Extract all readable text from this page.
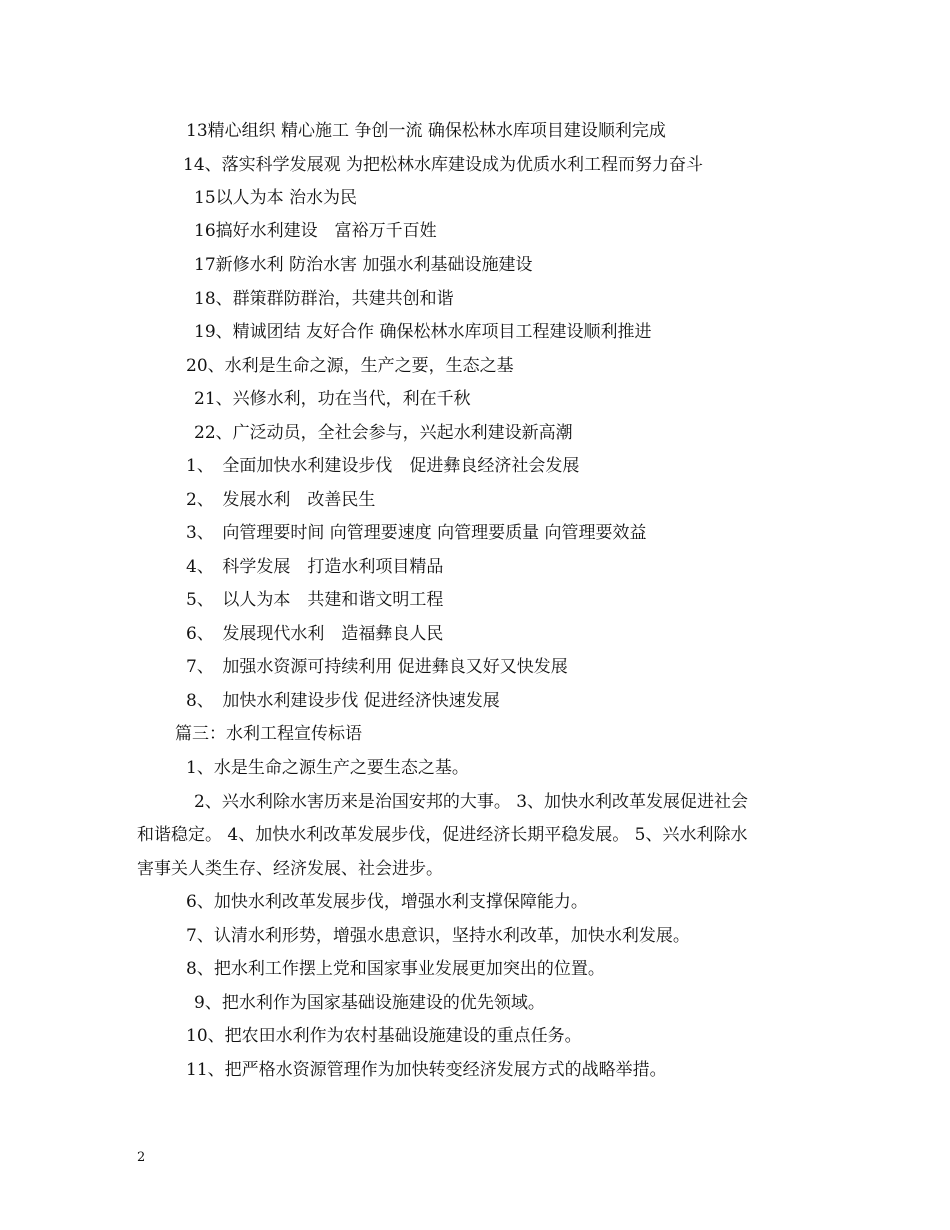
13精心组织 精心施工 争创一流 确保松林水库项目建设顺利完成
14、落实科学发展观 为把松林水库建设成为优质水利工程而努力奋斗
15以人为本 治水为民
16搞好水利建设　富裕万千百姓
17新修水利 防治水害 加强水利基础设施建设
18、群策群防群治，共建共创和谐
19、精诚团结 友好合作 确保松林水库项目工程建设顺利推进
20、水利是生命之源，生产之要，生态之基
21、兴修水利，功在当代，利在千秋
22、广泛动员，全社会参与，兴起水利建设新高潮
1、　全面加快水利建设步伐　促进彝良经济社会发展
2、　发展水利　改善民生
3、　向管理要时间 向管理要速度 向管理要质量 向管理要效益
4、　科学发展　打造水利项目精品
5、　以人为本　共建和谐文明工程
6、　发展现代水利　造福彝良人民
7、　加强水资源可持续利用 促进彝良又好又快发展
8、　加快水利建设步伐 促进经济快速发展
篇三：水利工程宣传标语
1、水是生命之源生产之要生态之基。
2、兴水利除水害历来是治国安邦的大事。 3、加快水利改革发展促进社会
和谐稳定。 4、加快水利改革发展步伐，促进经济长期平稳发展。 5、兴水利除水
害事关人类生存、经济发展、社会进步。
6、加快水利改革发展步伐，增强水利支撑保障能力。
7、认清水利形势，增强水患意识，坚持水利改革，加快水利发展。
8、把水利工作摆上党和国家事业发展更加突出的位置。
9、把水利作为国家基础设施建设的优先领域。
10、把农田水利作为农村基础设施建设的重点任务。
11、把严格水资源管理作为加快转变经济发展方式的战略举措。
2
